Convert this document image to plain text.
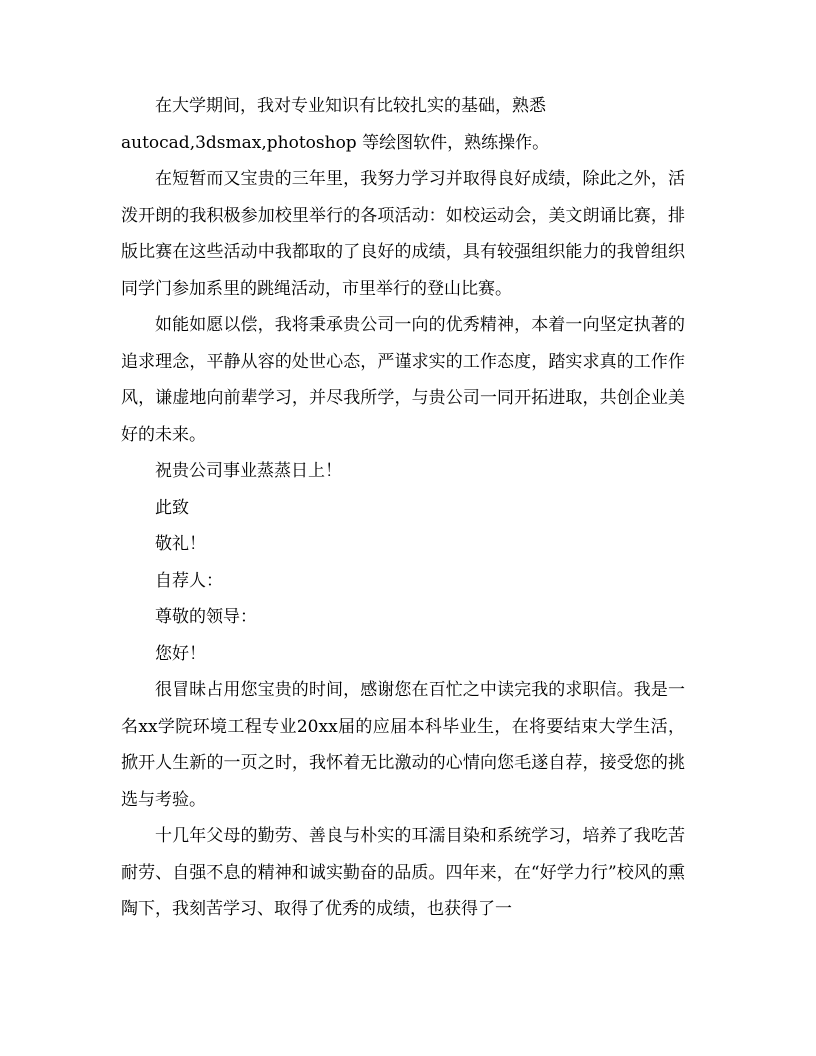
在大学期间，我对专业知识有比较扎实的基础，熟悉

autocad,3dsmax,photoshop 等绘图软件，熟练操作。

在短暂而又宝贵的三年里，我努力学习并取得良好成绩，除此之外，活泼开朗的我积极参加校里举行的各项活动：如校运动会，美文朗诵比赛，排版比赛在这些活动中我都取的了良好的成绩，具有较强组织能力的我曾组织同学门参加系里的跳绳活动，市里举行的登山比赛。

如能如愿以偿，我将秉承贵公司一向的优秀精神，本着一向坚定执著的追求理念，平静从容的处世心态，严谨求实的工作态度，踏实求真的工作作风，谦虚地向前辈学习，并尽我所学，与贵公司一同开拓进取，共创企业美好的未来。

祝贵公司事业蒸蒸日上！

此致

敬礼！

自荐人：

尊敬的领导：

您好！

很冒昧占用您宝贵的时间，感谢您在百忙之中读完我的求职信。我是一名xx学院环境工程专业20xx届的应届本科毕业生，在将要结束大学生活，掀开人生新的一页之时，我怀着无比激动的心情向您毛遂自荐，接受您的挑选与考验。

十几年父母的勤劳、善良与朴实的耳濡目染和系统学习，培养了我吃苦耐劳、自强不息的精神和诚实勤奋的品质。四年来，在“好学力行”校风的熏陶下，我刻苦学习、取得了优秀的成绩，也获得了一
